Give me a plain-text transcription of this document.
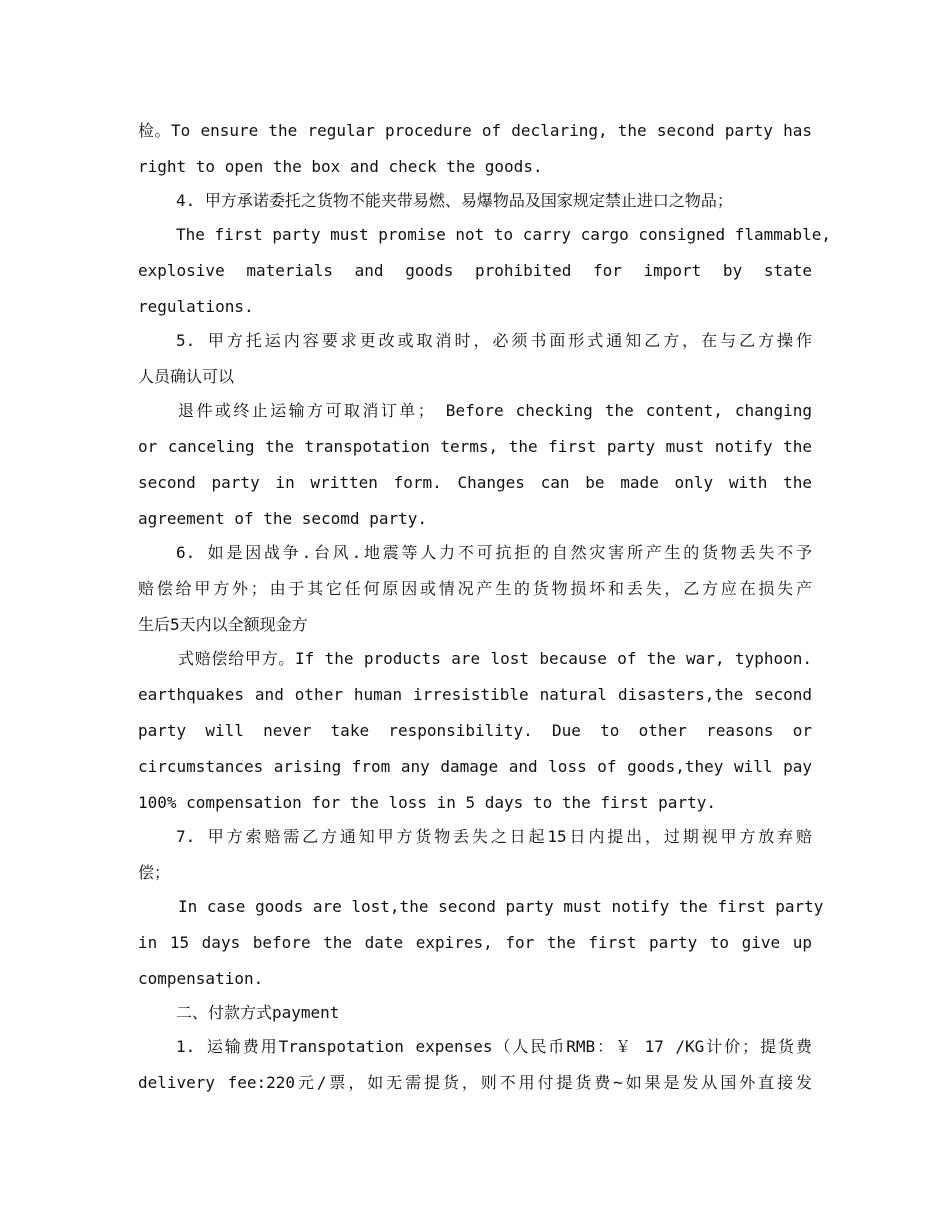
检。To ensure the regular procedure of declaring, the second party has
right to open the box and check the goods.
4. 甲方承诺委托之货物不能夹带易燃、易爆物品及国家规定禁止进口之物品；
The first party must promise not to carry cargo consigned flammable,
explosive materials and goods prohibited for import by state
regulations.
5. 甲方托运内容要求更改或取消时，必须书面形式通知乙方，在与乙方操作
人员确认可以
退件或终止运输方可取消订单； Before checking the content, changing
or canceling the transpotation terms, the first party must notify the
second party in written form. Changes can be made only with the
agreement of the secomd party.
6. 如是因战争.台风.地震等人力不可抗拒的自然灾害所产生的货物丢失不予
赔偿给甲方外；由于其它任何原因或情况产生的货物损坏和丢失，乙方应在损失产
生后5天内以全额现金方
式赔偿给甲方。If the products are lost because of the war, typhoon.
earthquakes and other human irresistible natural disasters,the second
party will never take responsibility. Due to other reasons or
circumstances arising from any damage and loss of goods,they will pay
100% compensation for the loss in 5 days to the first party.
7. 甲方索赔需乙方通知甲方货物丢失之日起15日内提出，过期视甲方放弃赔
偿；
In case goods are lost,the second party must notify the first party
in 15 days before the date expires, for the first party to give up
compensation.
二、付款方式payment
1. 运输费用Transpotation expenses（人民币RMB：￥ 17 /KG计价；提货费
delivery fee:220元/票，如无需提货，则不用付提货费~如果是发从国外直接发
